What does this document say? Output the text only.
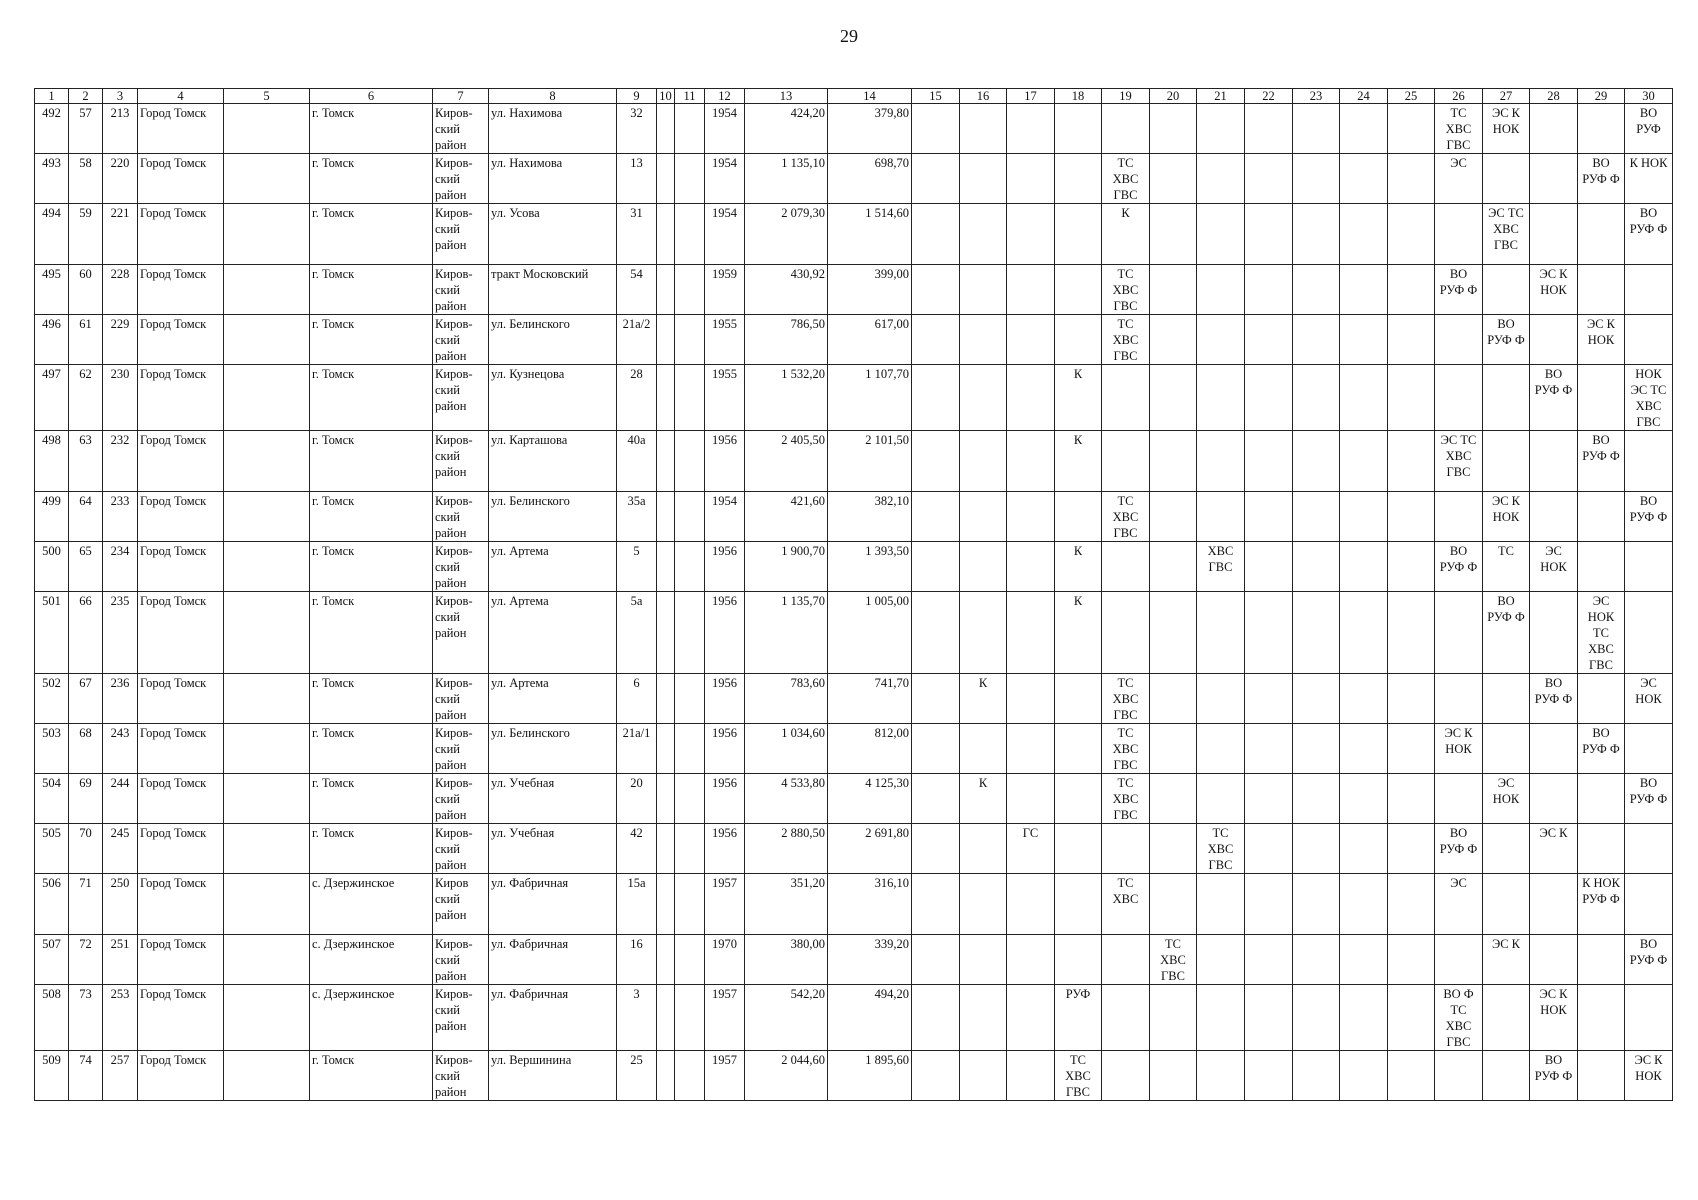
29
1	2	3	4	5	6	7	8	9	10	11	12	13	14	15	16	17	18	19	20	21	22	23	24	25	26	27	28	29	30
492	57	213	Город Томск		г. Томск	Киров-
ский
район	ул. Нахимова	32			1954	424,20	379,80												ТС
ХВС
ГВС	ЭС К
НОК			ВО
РУФ
493	58	220	Город Томск		г. Томск	Киров-
ский
район	ул. Нахимова	13			1954	1 135,10	698,70					ТС
ХВС
ГВС							ЭС			ВО
РУФ Ф	К НОК
494	59	221	Город Томск		г. Томск	Киров-
ский
район	ул. Усова	31			1954	2 079,30	1 514,60					К								ЭС ТС
ХВС
ГВС			ВО
РУФ Ф
495	60	228	Город Томск		г. Томск	Киров-
ский
район	тракт Московский	54			1959	430,92	399,00					ТС
ХВС
ГВС							ВО
РУФ Ф		ЭС К
НОК		
496	61	229	Город Томск		г. Томск	Киров-
ский
район	ул. Белинского	21а/2			1955	786,50	617,00					ТС
ХВС
ГВС								ВО
РУФ Ф		ЭС К
НОК	
497	62	230	Город Томск		г. Томск	Киров-
ский
район	ул. Кузнецова	28			1955	1 532,20	1 107,70				К										ВО
РУФ Ф		НОК
ЭС ТС
ХВС
ГВС
498	63	232	Город Томск		г. Томск	Киров-
ский
район	ул. Карташова	40а			1956	2 405,50	2 101,50				К								ЭС ТС
ХВС
ГВС			ВО
РУФ Ф	
499	64	233	Город Томск		г. Томск	Киров-
ский
район	ул. Белинского	35а			1954	421,60	382,10					ТС
ХВС
ГВС								ЭС К
НОК			ВО
РУФ Ф
500	65	234	Город Томск		г. Томск	Киров-
ский
район	ул. Артема	5			1956	1 900,70	1 393,50				К			ХВС
ГВС					ВО
РУФ Ф	ТС	ЭС
НОК		
501	66	235	Город Томск		г. Томск	Киров-
ский
район	ул. Артема	5а			1956	1 135,70	1 005,00				К									ВО
РУФ Ф		ЭС
НОК
ТС
ХВС
ГВС	
502	67	236	Город Томск		г. Томск	Киров-
ский
район	ул. Артема	6			1956	783,60	741,70		К			ТС
ХВС
ГВС									ВО
РУФ Ф		ЭС
НОК
503	68	243	Город Томск		г. Томск	Киров-
ский
район	ул. Белинского	21а/1			1956	1 034,60	812,00					ТС
ХВС
ГВС							ЭС К
НОК			ВО
РУФ Ф	
504	69	244	Город Томск		г. Томск	Киров-
ский
район	ул. Учебная	20			1956	4 533,80	4 125,30		К			ТС
ХВС
ГВС								ЭС
НОК			ВО
РУФ Ф
505	70	245	Город Томск		г. Томск	Киров-
ский
район	ул. Учебная	42			1956	2 880,50	2 691,80			ГС				ТС
ХВС
ГВС					ВО
РУФ Ф		ЭС К		
506	71	250	Город Томск		с. Дзержинское	Киров
ский
район	ул. Фабричная	15а			1957	351,20	316,10					ТС
ХВС							ЭС			К НОК
РУФ Ф	
507	72	251	Город Томск		с. Дзержинское	Киров-
ский
район	ул. Фабричная	16			1970	380,00	339,20						ТС
ХВС
ГВС							ЭС К			ВО
РУФ Ф
508	73	253	Город Томск		с. Дзержинское	Киров-
ский
район	ул. Фабричная	3			1957	542,20	494,20				РУФ								ВО Ф
ТС
ХВС
ГВС		ЭС К
НОК		
509	74	257	Город Томск		г. Томск	Киров-
ский
район	ул. Вершинина	25			1957	2 044,60	1 895,60				ТС
ХВС
ГВС										ВО
РУФ Ф		ЭС К
НОК
